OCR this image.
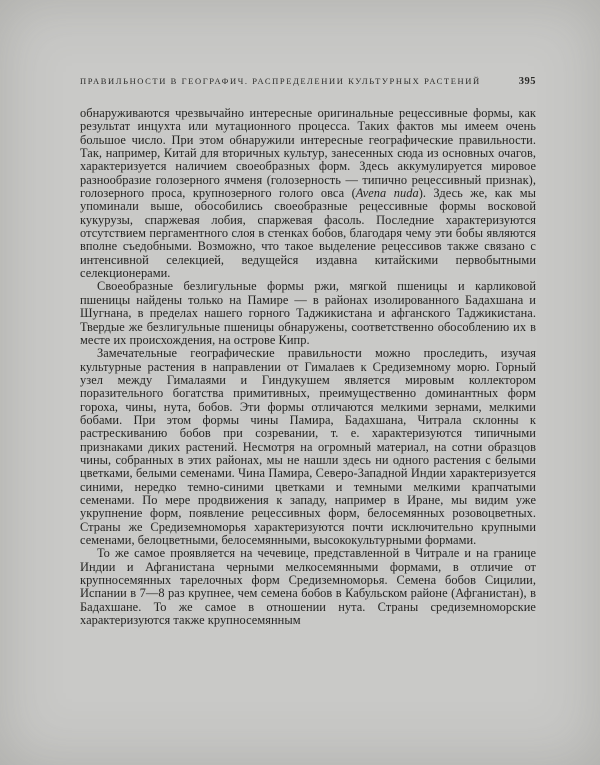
ПРАВИЛЬНОСТИ В ГЕОГРАФИЧ. РАСПРЕДЕЛЕНИИ КУЛЬТУРНЫХ РАСТЕНИЙ	395

обнаруживаются чрезвычайно интересные оригинальные рецессивные формы, как результат инцухта или мутационного процесса. Таких фактов мы имеем очень большое число. При этом обнаружили интересные географические правильности. Так, например, Китай для вторичных культур, занесенных сюда из основных очагов, характеризуется наличием своеобразных форм. Здесь аккумулируется мировое разнообразие голозерного ячменя (голозерность — типично рецессивный признак), голозерного проса, крупнозерного голого овса (Avena nuda). Здесь же, как мы упоминали выше, обособились своеобразные рецессивные формы восковой кукурузы, спаржевая лобия, спаржевая фасоль. Последние характеризуются отсутствием пергаментного слоя в стенках бобов, благодаря чему эти бобы являются вполне съедобными. Возможно, что такое выделение рецессивов также связано с интенсивной селекцией, ведущейся издавна китайскими первобытными селекционерами.

Своеобразные безлигульные формы ржи, мягкой пшеницы и карликовой пшеницы найдены только на Памире — в районах изолированного Бадахшана и Шугнана, в пределах нашего горного Таджикистана и афганского Таджикистана. Твердые же безлигульные пшеницы обнаружены, соответственно обособлению их в месте их происхождения, на острове Кипр.

Замечательные географические правильности можно проследить, изучая культурные растения в направлении от Гималаев к Средиземному морю. Горный узел между Гималаями и Гиндукушем является мировым коллектором поразительного богатства примитивных, преимущественно доминантных форм гороха, чины, нута, бобов. Эти формы отличаются мелкими зернами, мелкими бобами. При этом формы чины Памира, Бадахшана, Читрала склонны к растрескиванию бобов при созревании, т. е. характеризуются типичными признаками диких растений. Несмотря на огромный материал, на сотни образцов чины, собранных в этих районах, мы не нашли здесь ни одного растения с белыми цветками, белыми семенами. Чина Памира, Северо-Западной Индии характеризуется синими, нередко темно-синими цветками и темными мелкими крапчатыми семенами. По мере продвижения к западу, например в Иране, мы видим уже укрупнение форм, появление рецессивных форм, белосемянных розовоцветных. Страны же Средиземноморья характеризуются почти исключительно крупными семенами, белоцветными, белосемянными, высококультурными формами.

То же самое проявляется на чечевице, представленной в Читрале и на границе Индии и Афганистана черными мелкосемянными формами, в отличие от крупносемянных тарелочных форм Средиземноморья. Семена бобов Сицилии, Испании в 7—8 раз крупнее, чем семена бобов в Кабульском районе (Афганистан), в Бадахшане. То же самое в отношении нута. Страны средиземноморские характеризуются также крупносемянным
